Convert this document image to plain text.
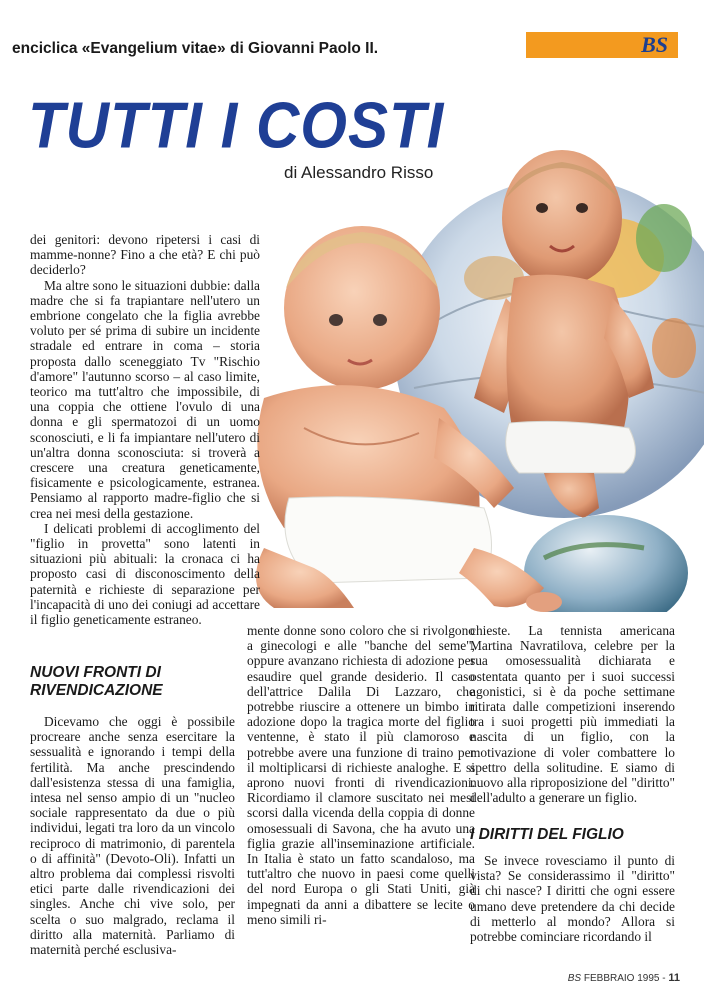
enciclica «Evangelium vitae» di Giovanni Paolo II.	BS
TUTTI I COSTI
di Alessandro Risso

dei genitori: devono ripetersi i casi di mamme-nonne? Fino a che età? E chi può deciderlo?

Ma altre sono le situazioni dubbie: dalla madre che si fa trapiantare nell'utero un embrione congelato che la figlia avrebbe voluto per sé prima di subire un incidente stradale ed entrare in coma – storia proposta dallo sceneggiato Tv "Rischio d'amore" l'autunno scorso – al caso limite, teorico ma tutt'altro che impossibile, di una coppia che ottiene l'ovulo di una donna e gli spermatozoi di un uomo sconosciuti, e li fa impiantare nell'utero di un'altra donna sconosciuta: si troverà a crescere una creatura geneticamente, fisicamente e psicologicamente, estranea. Pensiamo al rapporto madre-figlio che si crea nei mesi della gestazione.

I delicati problemi di accoglimento del "figlio in provetta" sono latenti in situazioni più abituali: la cronaca ci ha proposto casi di disconoscimento della paternità e richieste di separazione per l'incapacità di uno dei coniugi ad accettare il figlio geneticamente estraneo.

NUOVI FRONTI DI RIVENDICAZIONE

Dicevamo che oggi è possibile procreare anche senza esercitare la sessualità e ignorando i tempi della fertilità. Ma anche prescindendo dall'esistenza stessa di una famiglia, intesa nel senso ampio di un "nucleo sociale rappresentato da due o più individui, legati tra loro da un vincolo reciproco di matrimonio, di parentela o di affinità" (Devoto-Oli). Infatti un altro problema dai complessi risvolti etici parte dalle rivendicazioni dei singles. Anche chi vive solo, per scelta o suo malgrado, reclama il diritto alla maternità. Parliamo di maternità perché esclusiva-

mente donne sono coloro che si rivolgono a ginecologi e alle "banche del seme", oppure avanzano richiesta di adozione per esaudire quel grande desiderio. Il caso dell'attrice Dalila Di Lazzaro, che potrebbe riuscire a ottenere un bimbo in adozione dopo la tragica morte del figlio ventenne, è stato il più clamoroso e potrebbe avere una funzione di traino per il moltiplicarsi di richieste analoghe. E si aprono nuovi fronti di rivendicazioni. Ricordiamo il clamore suscitato nei mesi scorsi dalla vicenda della coppia di donne omosessuali di Savona, che ha avuto una figlia grazie all'inseminazione artificiale. In Italia è stato un fatto scandaloso, ma tutt'altro che nuovo in paesi come quelli del nord Europa o gli Stati Uniti, già impegnati da anni a dibattere se lecite o meno simili ri-

chieste. La tennista americana Martina Navratilova, celebre per la sua omosessualità dichiarata e ostentata quanto per i suoi successi agonistici, si è da poche settimane ritirata dalle competizioni inserendo tra i suoi progetti più immediati la nascita di un figlio, con la motivazione di voler combattere lo spettro della solitudine. E siamo di nuovo alla riproposizione del "diritto" dell'adulto a generare un figlio.

I DIRITTI DEL FIGLIO

Se invece rovesciamo il punto di vista? Se considerassimo il "diritto" di chi nasce? I diritti che ogni essere umano deve pretendere da chi decide di metterlo al mondo? Allora si potrebbe cominciare ricordando il

BS FEBBRAIO 1995 - 11
